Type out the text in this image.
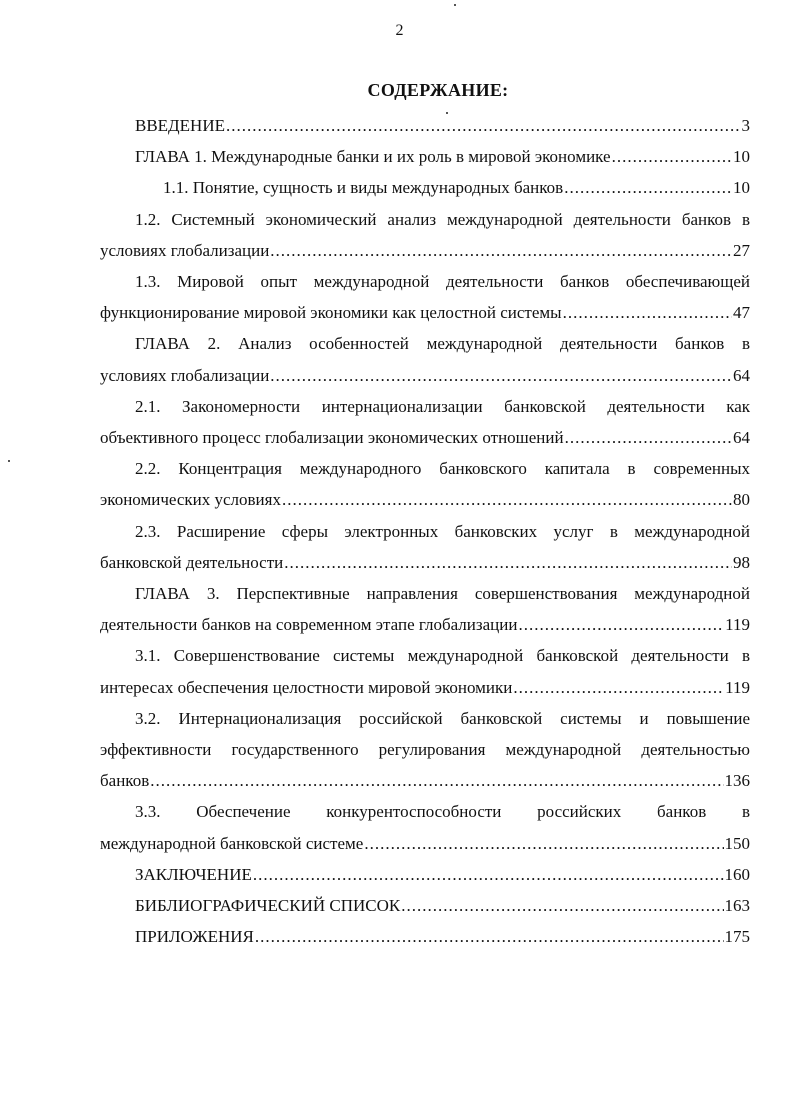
2
СОДЕРЖАНИЕ:
ВВЕДЕНИЕ .....	3
ГЛАВА 1. Международные банки и их роль в мировой экономике .....	10
1.1. Понятие, сущность и виды международных банков .....	10
1.2. Системный экономический анализ международной деятельности банков в
условиях глобализации .....	27
1.3. Мировой опыт международной деятельности банков обеспечивающей
функционирование мировой экономики как целостной системы .....	47
ГЛАВА 2. Анализ особенностей международной деятельности банков в
условиях глобализации .....	64
2.1. Закономерности интернационализации банковской деятельности как
объективного процесс глобализации экономических отношений .....	64
2.2. Концентрация международного банковского капитала в современных
экономических условиях .....	80
2.3. Расширение сферы электронных банковских услуг в международной
банковской деятельности .....	98
ГЛАВА 3. Перспективные направления совершенствования международной
деятельности банков на современном этапе глобализации .....	119
3.1. Совершенствование системы международной банковской деятельности в
интересах обеспечения целостности мировой экономики .....	119
3.2. Интернационализация российской банковской системы и повышение
эффективности государственного регулирования международной деятельностью
банков .....	136
3.3. Обеспечение конкурентоспособности российских банков в
международной банковской системе .....	150
ЗАКЛЮЧЕНИЕ .....	160
БИБЛИОГРАФИЧЕСКИЙ СПИСОК .....	163
ПРИЛОЖЕНИЯ .....	175
